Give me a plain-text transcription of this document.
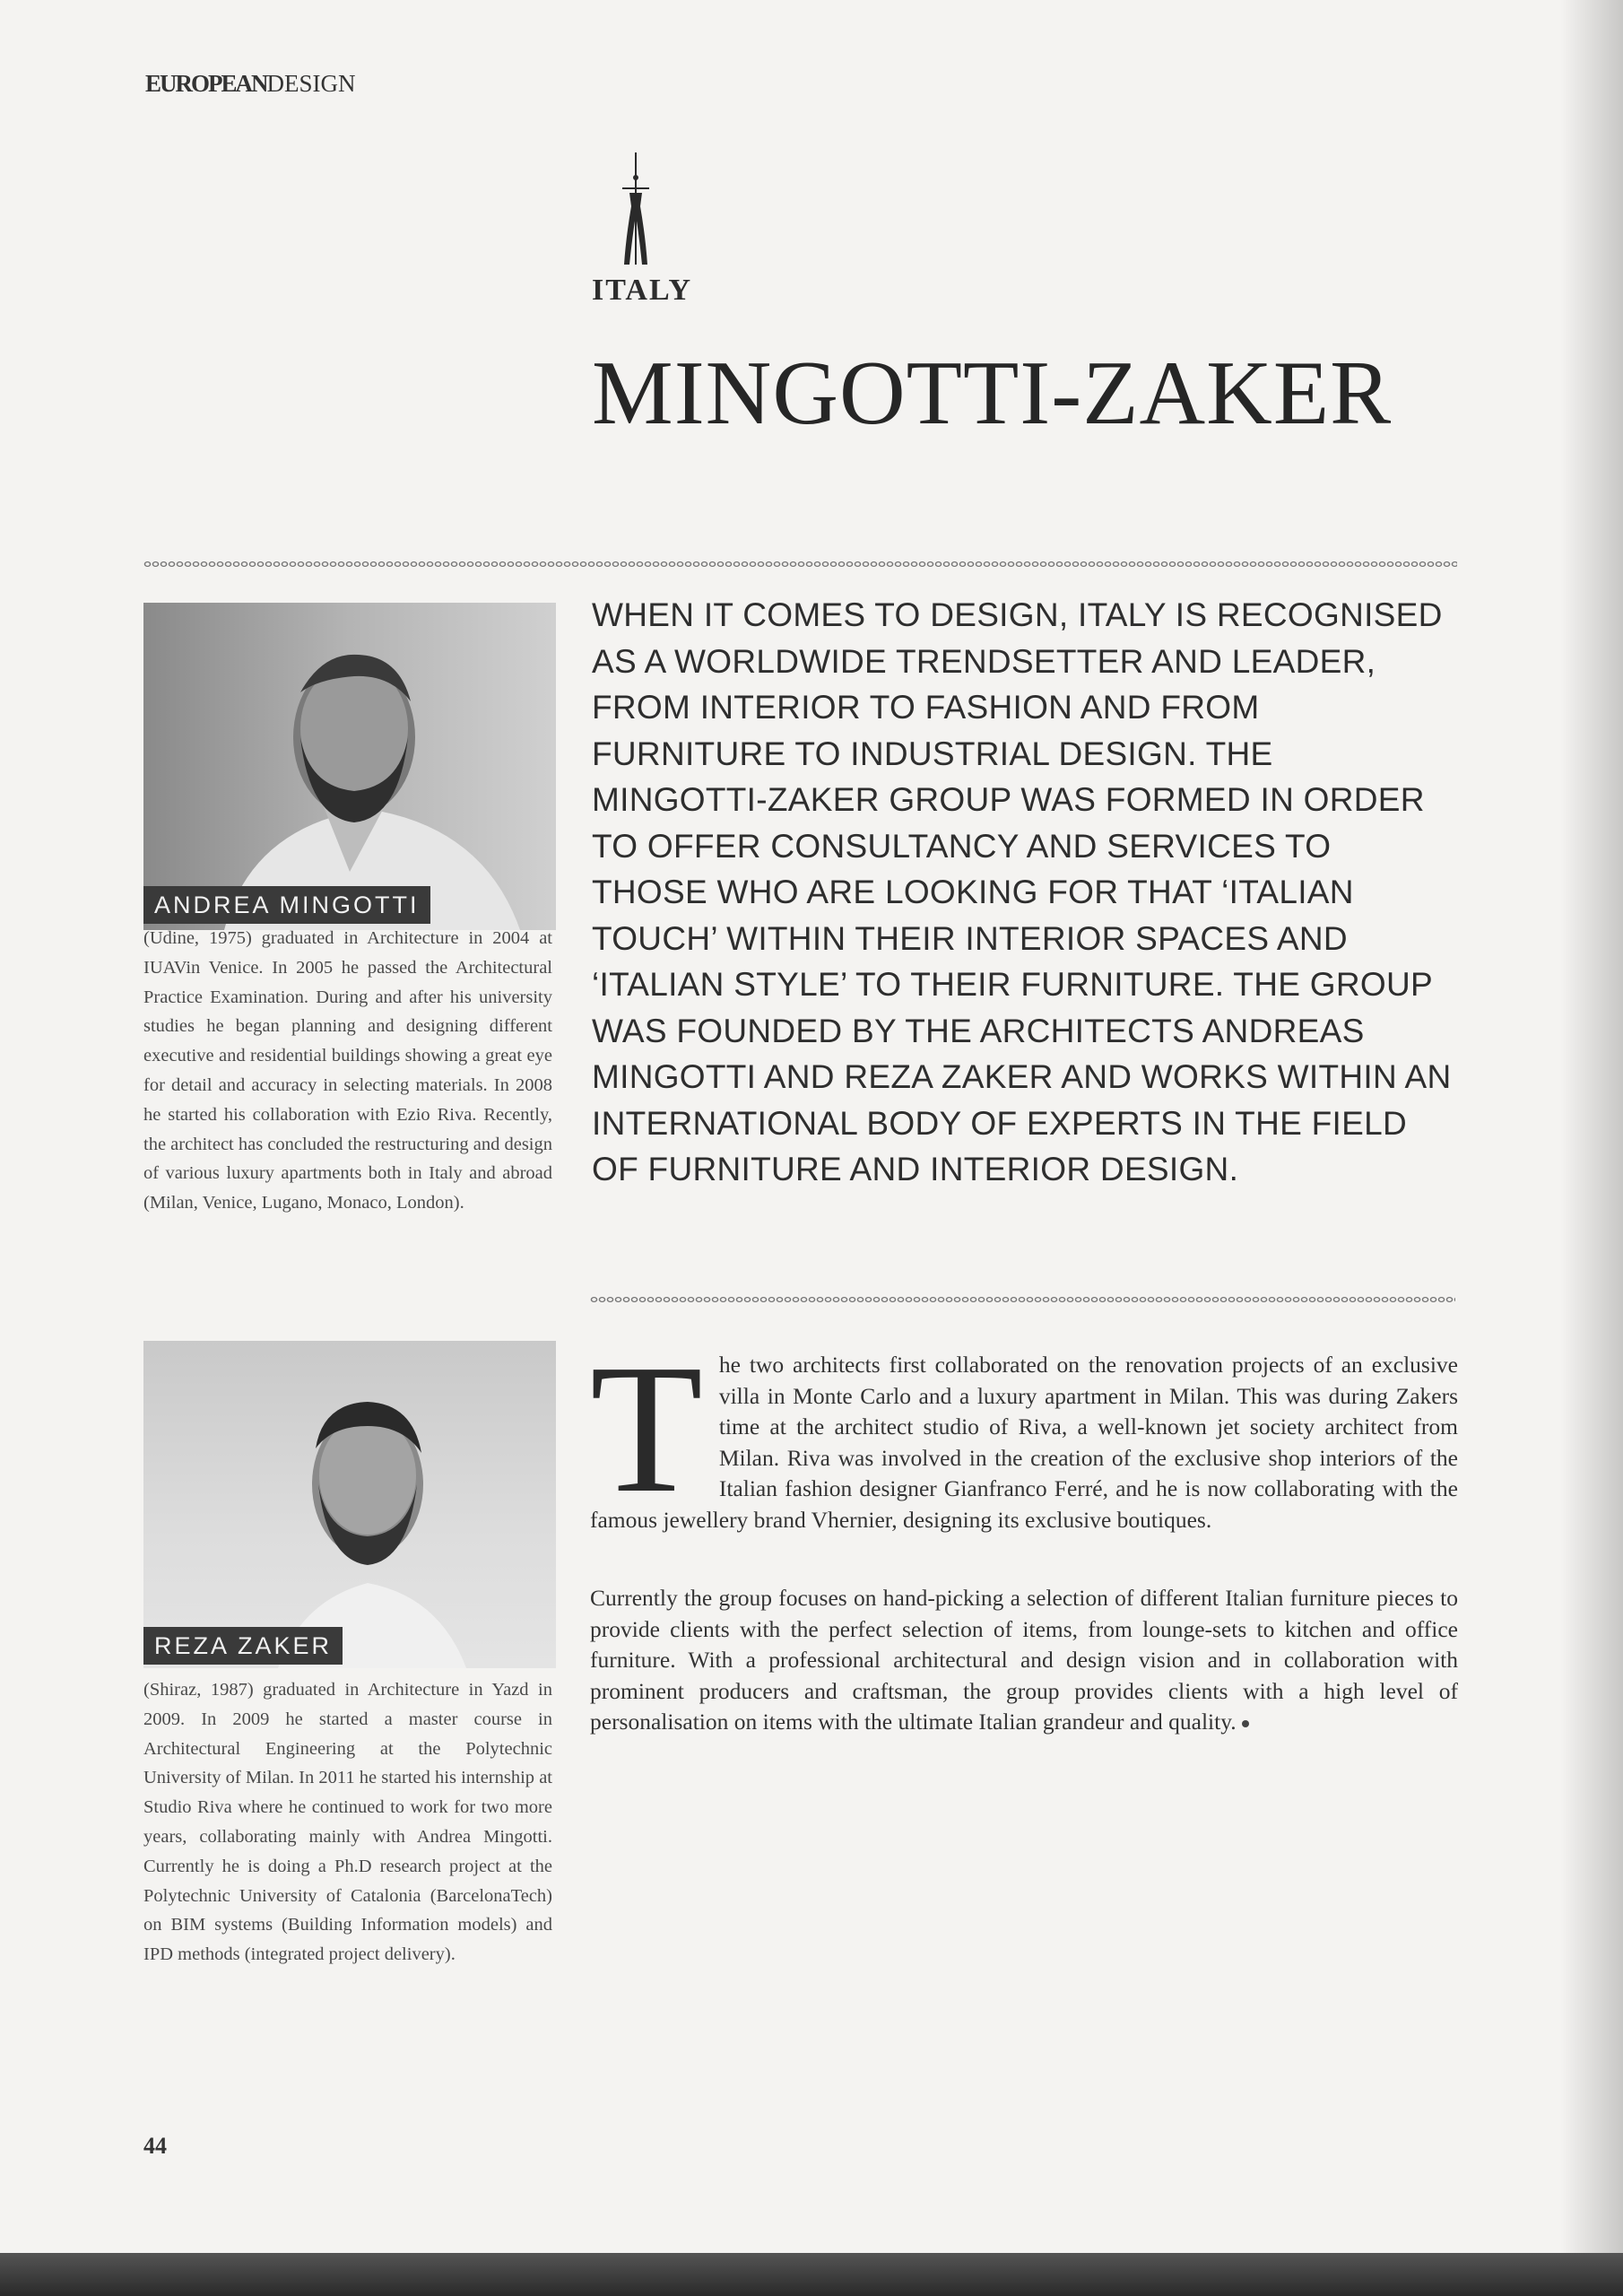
EUROPEANDESIGN
ITALY
MINGOTTI-ZAKER
ANDREA MINGOTTI
(Udine, 1975) graduated in Architecture in 2004 at IUAVin Venice. In 2005 he passed the Architectural Practice Examination. During and after his university studies he began planning and designing different executive and residential buildings showing a great eye for detail and accuracy in selecting materials. In 2008 he started his collaboration with Ezio Riva. Recently, the architect has concluded the restructuring and design of various luxury apartments both in Italy and abroad (Milan, Venice, Lugano, Monaco, London).
REZA ZAKER
(Shiraz, 1987) graduated in Architecture in Yazd in 2009. In 2009 he started a master course in Architectural Engineering at the Polytechnic University of Milan. In 2011 he started his internship at Studio Riva where he continued to work for two more years, collaborating mainly with Andrea Mingotti. Currently he is doing a Ph.D research project at the Polytechnic University of Catalonia (BarcelonaTech) on BIM systems (Building Information models) and IPD methods (integrated project delivery).
WHEN IT COMES TO DESIGN, ITALY IS RECOGNISED AS A WORLDWIDE TRENDSETTER AND LEADER, FROM INTERIOR TO FASHION AND FROM FURNITURE TO INDUSTRIAL DESIGN. THE MINGOTTI-ZAKER GROUP WAS FORMED IN ORDER TO OFFER CONSULTANCY AND SERVICES TO THOSE WHO ARE LOOKING FOR THAT ‘ITALIAN TOUCH’ WITHIN THEIR INTERIOR SPACES AND ‘ITALIAN STYLE’ TO THEIR FURNITURE. THE GROUP WAS FOUNDED BY THE ARCHITECTS ANDREAS MINGOTTI AND REZA ZAKER AND WORKS WITHIN AN INTERNATIONAL BODY OF EXPERTS IN THE FIELD OF FURNITURE AND INTERIOR DESIGN.
The two architects first collaborated on the renovation projects of an exclusive villa in Monte Carlo and a luxury apartment in Milan. This was during Zakers time at the architect studio of Riva, a well-known jet society architect from Milan. Riva was involved in the creation of the exclusive shop interiors of the Italian fashion designer Gianfranco Ferré, and he is now collaborating with the famous jewellery brand Vhernier, designing its exclusive boutiques.
Currently the group focuses on hand-picking a selection of different Italian furniture pieces to provide clients with the perfect selection of items, from lounge-sets to kitchen and office furniture. With a professional architectural and design vision and in collaboration with prominent producers and craftsman, the group provides clients with a high level of personalisation on items with the ultimate Italian grandeur and quality.
44
